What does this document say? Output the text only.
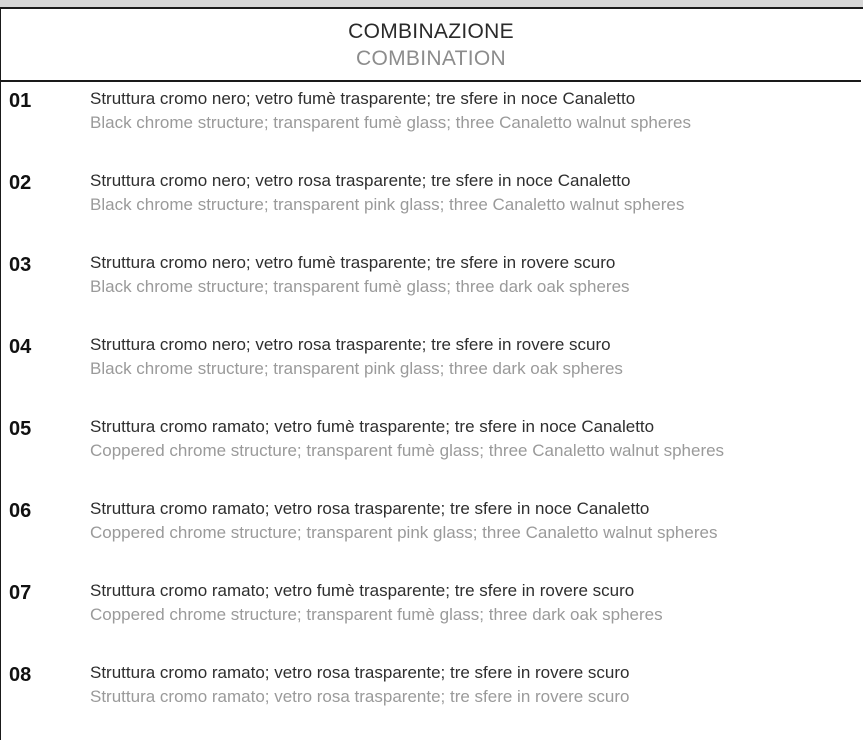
COMBINAZIONE
COMBINATION
01	Struttura cromo nero; vetro fumè trasparente; tre sfere in noce Canaletto
Black chrome structure; transparent fumè glass; three Canaletto walnut spheres
02	Struttura cromo nero; vetro rosa trasparente; tre sfere in noce Canaletto
Black chrome structure; transparent pink glass; three Canaletto walnut spheres
03	Struttura cromo nero; vetro fumè trasparente; tre sfere in rovere scuro
Black chrome structure; transparent fumè glass; three dark oak spheres
04	Struttura cromo nero; vetro rosa trasparente; tre sfere in rovere scuro
Black chrome structure; transparent pink glass; three dark oak spheres
05	Struttura cromo ramato; vetro fumè trasparente; tre sfere in noce Canaletto
Coppered chrome structure; transparent fumè glass; three Canaletto walnut spheres
06	Struttura cromo ramato; vetro rosa trasparente; tre sfere in noce Canaletto
Coppered chrome structure; transparent pink glass; three Canaletto walnut spheres
07	Struttura cromo ramato; vetro fumè trasparente; tre sfere in rovere scuro
Coppered chrome structure; transparent fumè glass; three dark oak spheres
08	Struttura cromo ramato; vetro rosa trasparente; tre sfere in rovere scuro
Struttura cromo ramato; vetro rosa trasparente; tre sfere in rovere scuro
